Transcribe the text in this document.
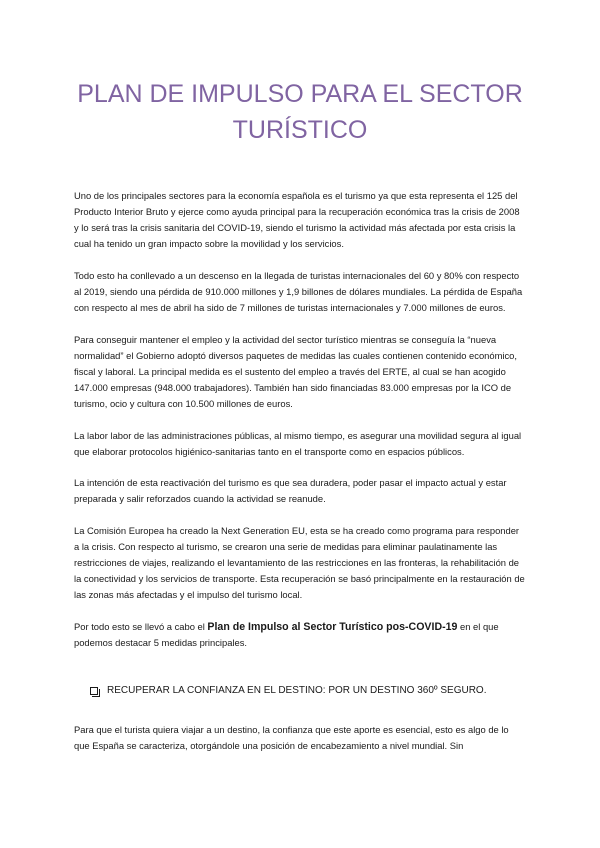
PLAN DE IMPULSO PARA EL SECTOR
TURÍSTICO

Uno de los principales sectores para la economía española es el turismo ya que esta representa el 125 del Producto Interior Bruto y ejerce como ayuda principal para la recuperación económica tras la crisis de 2008 y lo será tras la crisis sanitaria del COVID-19, siendo el turismo la actividad más afectada por esta crisis la cual ha tenido un gran impacto sobre la movilidad y los servicios.

Todo esto ha conllevado a un descenso en la llegada de turistas internacionales del 60 y 80% con respecto al 2019, siendo una pérdida de 910.000 millones y 1,9 billones de dólares mundiales. La pérdida de España con respecto al mes de abril ha sido de 7 millones de turistas internacionales y 7.000 millones de euros.

Para conseguir mantener el empleo y la actividad del sector turístico mientras se conseguía la “nueva normalidad” el Gobierno adoptó diversos paquetes de medidas las cuales contienen contenido económico, fiscal y laboral. La principal medida es el sustento del empleo a través del ERTE, al cual se han acogido 147.000 empresas (948.000 trabajadores). También han sido financiadas 83.000 empresas por la ICO de turismo, ocio y cultura con 10.500 millones de euros.

La labor labor de las administraciones públicas, al mismo tiempo, es asegurar una movilidad segura al igual que elaborar protocolos higiénico-sanitarias tanto en el transporte como en espacios públicos.

La intención de esta reactivación del turismo es que sea duradera, poder pasar el impacto actual y estar preparada y salir reforzados cuando la actividad se reanude.

La Comisión Europea ha creado la Next Generation EU, esta se ha creado como programa para responder a la crisis. Con respecto al turismo, se crearon una serie de medidas para eliminar paulatinamente las restricciones de viajes, realizando el levantamiento de las restricciones en las fronteras, la rehabilitación de la conectividad y los servicios de transporte. Esta recuperación se basó principalmente en la restauración de las zonas más afectadas y el impulso del turismo local.

Por todo esto se llevó a cabo el Plan de Impulso al Sector Turístico pos-COVID-19 en el que podemos destacar 5 medidas principales.

RECUPERAR LA CONFIANZA EN EL DESTINO: POR UN DESTINO 360º SEGURO.

Para que el turista quiera viajar a un destino, la confianza que este aporte es esencial, esto es algo de lo que España se caracteriza, otorgándole una posición de encabezamiento a nivel mundial. Sin
